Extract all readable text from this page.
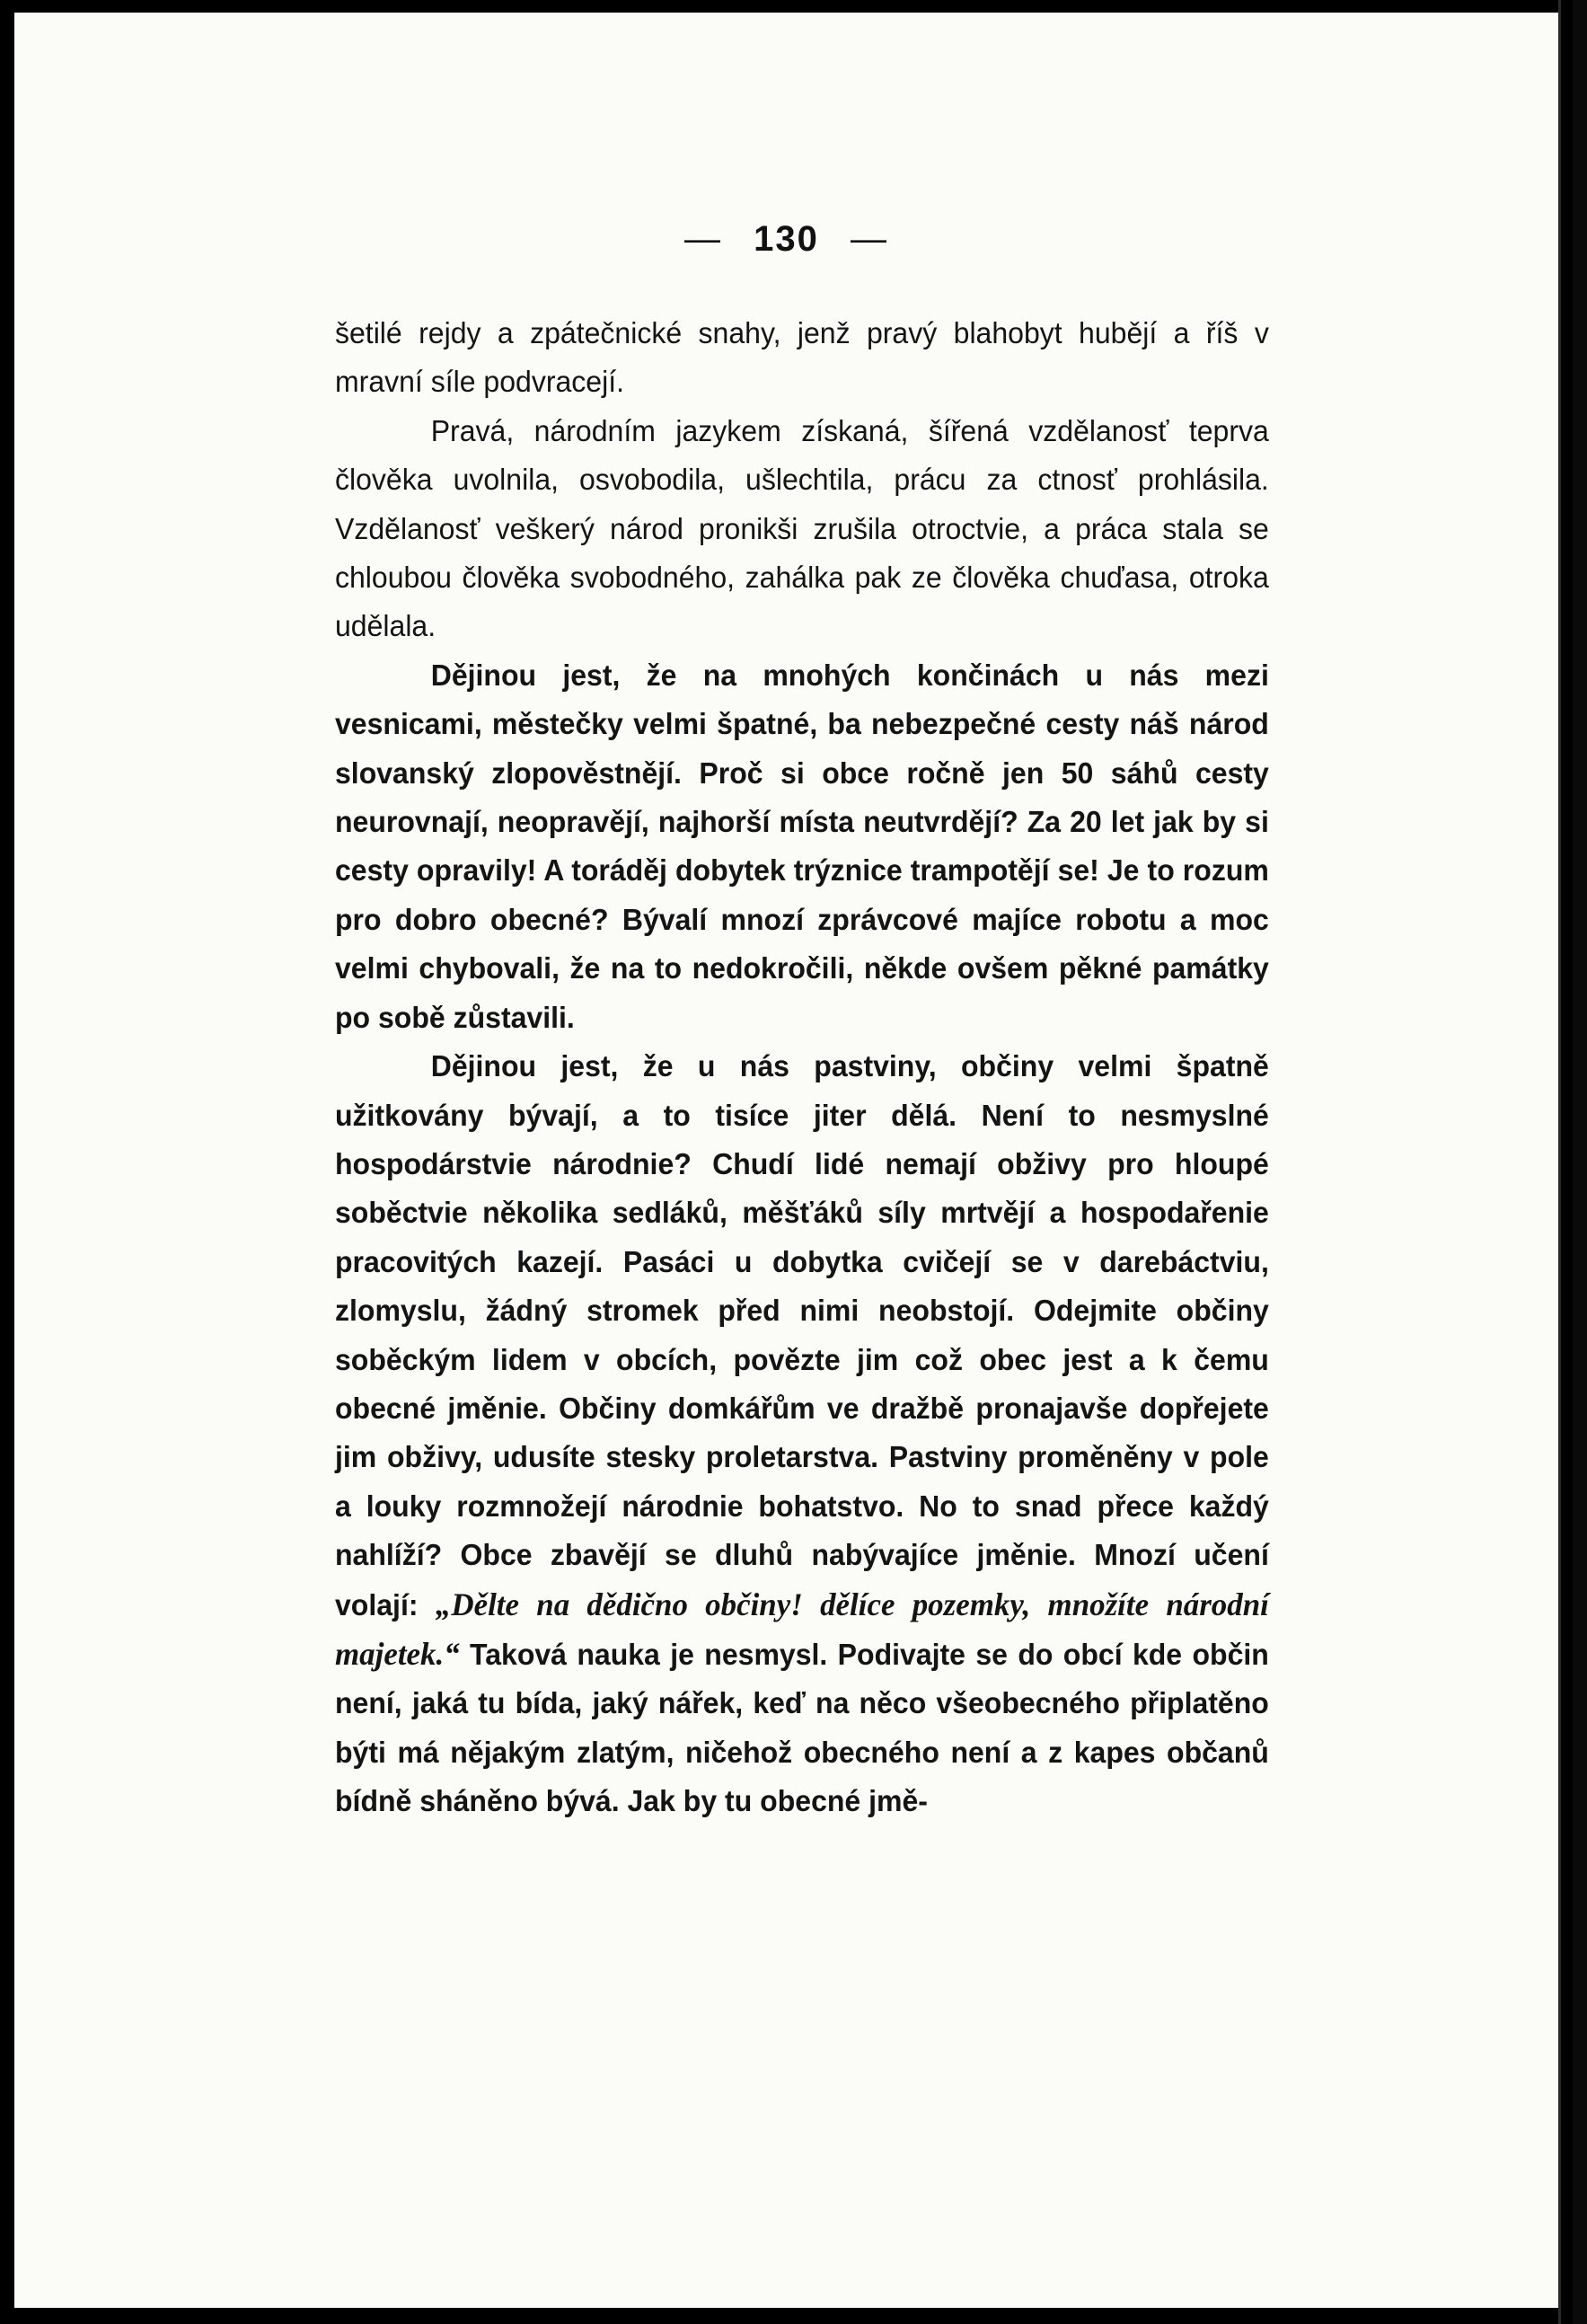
— 130 —

šetilé rejdy a zpátečnické snahy, jenž pravý blahobyt hubějí a říš v mravní síle podvracejí.

Pravá, národním jazykem získaná, šířená vzdělanosť teprva člověka uvolnila, osvobodila, ušlechtila, prácu za ctnosť prohlásila. Vzdělanosť veškerý národ pronikši zrušila otroctvie, a práca stala se chloubou člověka svobodného, zahálka pak ze člověka chuďasa, otroka udělala.

Dějinou jest, že na mnohých končinách u nás mezi vesnicami, městečky velmi špatné, ba nebezpečné cesty náš národ slovanský zlopověstnějí. Proč si obce ročně jen 50 sáhů cesty neurovnají, neopravějí, najhorší místa neutvrdějí? Za 20 let jak by si cesty opravily! A toráděj dobytek trýznice trampotějí se! Je to rozum pro dobro obecné? Bývalí mnozí zprávcové majíce robotu a moc velmi chybovali, že na to nedokročili, někde ovšem pěkné památky po sobě zůstavili.

Dějinou jest, že u nás pastviny, občiny velmi špatně užitkovány bývají, a to tisíce jiter dělá. Není to nesmyslné hospodárstvie národnie? Chudí lidé nemají obživy pro hloupé soběctvie několika sedláků, měšťáků síly mrtvějí a hospodařenie pracovitých kazejí. Pasáci u dobytka cvičejí se v darebáctviu, zlomyslu, žádný stromek před nimi neobstojí. Odejmite občiny soběckým lidem v obcích, povězte jim což obec jest a k čemu obecné jměnie. Občiny domkářům ve dražbě pronajavše dopřejete jim obživy, udusíte stesky proletarstva. Pastviny proměněny v pole a louky rozmnožejí národnie bohatstvo. No to snad přece každý nahlíží? Obce zbavějí se dluhů nabývajíce jměnie. Mnozí učení volají: „Dělte na dědično občiny! dělíce pozemky, množíte národní majetek.“ Taková nauka je nesmysl. Podivajte se do obcí kde občin není, jaká tu bída, jaký nářek, keď na něco všeobecného připlatěno býti má nějakým zlatým, ničehož obecného není a z kapes občanů bídně sháněno bývá. Jak by tu obecné jmě-
